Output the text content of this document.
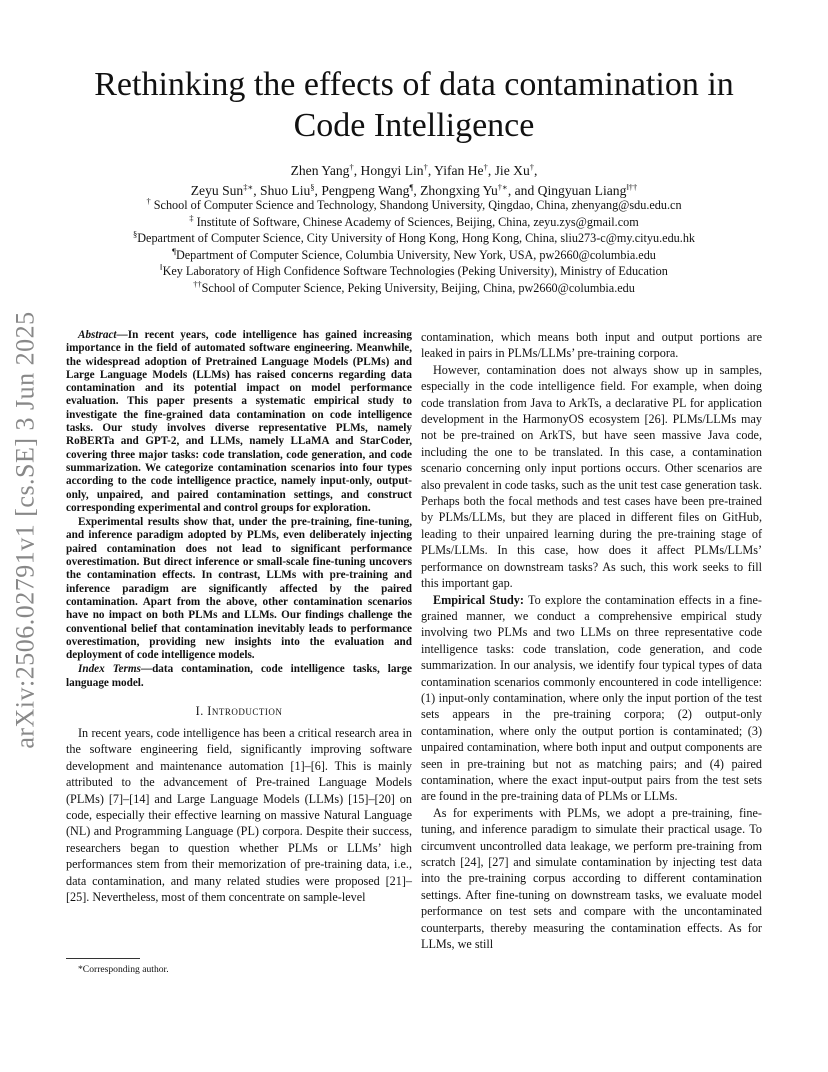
arXiv:2506.02791v1 [cs.SE] 3 Jun 2025
Rethinking the effects of data contamination in Code Intelligence
Zhen Yang†, Hongyi Lin†, Yifan He†, Jie Xu†,
Zeyu Sun‡∗, Shuo Liu§, Pengpeng Wang¶, Zhongxing Yu†∗, and Qingyuan Liang‖††
† School of Computer Science and Technology, Shandong University, Qingdao, China, zhenyang@sdu.edu.cn
‡ Institute of Software, Chinese Academy of Sciences, Beijing, China, zeyu.zys@gmail.com
§Department of Computer Science, City University of Hong Kong, Hong Kong, China, sliu273-c@my.cityu.edu.hk
¶Department of Computer Science, Columbia University, New York, USA, pw2660@columbia.edu
‖Key Laboratory of High Confidence Software Technologies (Peking University), Ministry of Education
††School of Computer Science, Peking University, Beijing, China, pw2660@columbia.edu

Abstract—In recent years, code intelligence has gained increasing importance in the field of automated software engineering. Meanwhile, the widespread adoption of Pretrained Language Models (PLMs) and Large Language Models (LLMs) has raised concerns regarding data contamination and its potential impact on model performance evaluation. This paper presents a systematic empirical study to investigate the fine-grained data contamination on code intelligence tasks. Our study involves diverse representative PLMs, namely RoBERTa and GPT-2, and LLMs, namely LLaMA and StarCoder, covering three major tasks: code translation, code generation, and code summarization. We categorize contamination scenarios into four types according to the code intelligence practice, namely input-only, output-only, unpaired, and paired contamination settings, and construct corresponding experimental and control groups for exploration.

Experimental results show that, under the pre-training, fine-tuning, and inference paradigm adopted by PLMs, even deliberately injecting paired contamination does not lead to significant performance overestimation. But direct inference or small-scale fine-tuning uncovers the contamination effects. In contrast, LLMs with pre-training and inference paradigm are significantly affected by the paired contamination. Apart from the above, other contamination scenarios have no impact on both PLMs and LLMs. Our findings challenge the conventional belief that contamination inevitably leads to performance overestimation, providing new insights into the evaluation and deployment of code intelligence models.

Index Terms—data contamination, code intelligence tasks, large language model.

I. Introduction

In recent years, code intelligence has been a critical research area in the software engineering field, significantly improving software development and maintenance automation [1]–[6]. This is mainly attributed to the advancement of Pre-trained Language Models (PLMs) [7]–[14] and Large Language Models (LLMs) [15]–[20] on code, especially their effective learning on massive Natural Language (NL) and Programming Language (PL) corpora. Despite their success, researchers began to question whether PLMs or LLMs’ high performances stem from their memorization of pre-training data, i.e., data contamination, and many related studies were proposed [21]–[25]. Nevertheless, most of them concentrate on sample-level

*Corresponding author.

contamination, which means both input and output portions are leaked in pairs in PLMs/LLMs’ pre-training corpora.

However, contamination does not always show up in samples, especially in the code intelligence field. For example, when doing code translation from Java to ArkTs, a declarative PL for application development in the HarmonyOS ecosystem [26]. PLMs/LLMs may not be pre-trained on ArkTS, but have seen massive Java code, including the one to be translated. In this case, a contamination scenario concerning only input portions occurs. Other scenarios are also prevalent in code tasks, such as the unit test case generation task. Perhaps both the focal methods and test cases have been pre-trained by PLMs/LLMs, but they are placed in different files on GitHub, leading to their unpaired learning during the pre-training stage of PLMs/LLMs. In this case, how does it affect PLMs/LLMs’ performance on downstream tasks? As such, this work seeks to fill this important gap.

Empirical Study: To explore the contamination effects in a fine-grained manner, we conduct a comprehensive empirical study involving two PLMs and two LLMs on three representative code intelligence tasks: code translation, code generation, and code summarization. In our analysis, we identify four typical types of data contamination scenarios commonly encountered in code intelligence: (1) input-only contamination, where only the input portion of the test sets appears in the pre-training corpora; (2) output-only contamination, where only the output portion is contaminated; (3) unpaired contamination, where both input and output components are seen in pre-training but not as matching pairs; and (4) paired contamination, where the exact input-output pairs from the test sets are found in the pre-training data of PLMs or LLMs.

As for experiments with PLMs, we adopt a pre-training, fine-tuning, and inference paradigm to simulate their practical usage. To circumvent uncontrolled data leakage, we perform pre-training from scratch [24], [27] and simulate contamination by injecting test data into the pre-training corpus according to different contamination settings. After fine-tuning on downstream tasks, we evaluate model performance on test sets and compare with the uncontaminated counterparts, thereby measuring the contamination effects. As for LLMs, we still
